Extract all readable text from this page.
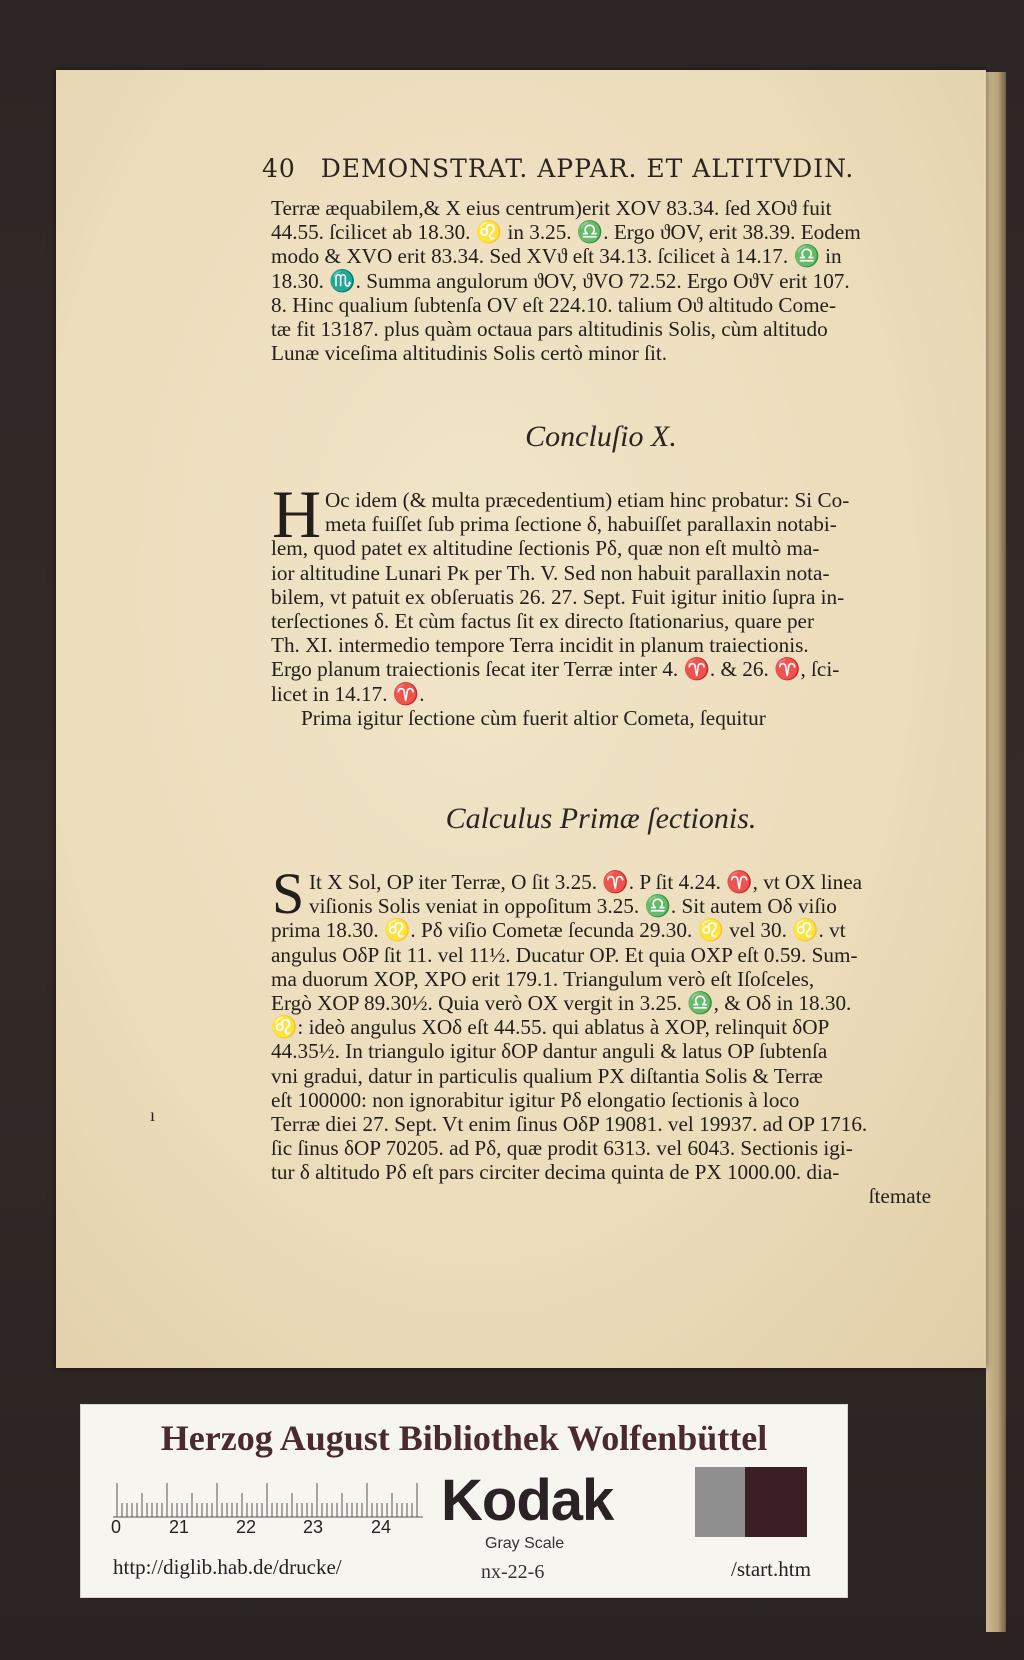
40 DEMONSTRAT. APPAR. ET ALTITVDIN.
Terræ æquabilem,& X eius centrum)erit XOV 83.34. ſed XOϑ fuit
44.55. ſcilicet ab 18.30. ♌ in 3.25. ♎. Ergo ϑOV, erit 38.39. Eodem
modo & XVO erit 83.34. Sed XVϑ eſt 34.13. ſcilicet à 14.17. ♎ in
18.30. ♏. Summa angulorum ϑOV, ϑVO 72.52. Ergo OϑV erit 107.
8. Hinc qualium ſubtenſa OV eſt 224.10. talium Oϑ altitudo Come-
tæ fit 13187. plus quàm octaua pars altitudinis Solis, cùm altitudo
Lunæ viceſima altitudinis Solis certò minor ſit.
Concluſio X.
H Oc idem (& multa præcedentium) etiam hinc probatur: Si Co-
meta fuiſſet ſub prima ſectione δ, habuiſſet parallaxin notabi-
lem, quod patet ex altitudine ſectionis Pδ, quæ non eſt multò ma-
ior altitudine Lunari Pκ per Th. V. Sed non habuit parallaxin nota-
bilem, vt patuit ex obſeruatis 26. 27. Sept. Fuit igitur initio ſupra in-
terſectiones δ. Et cùm factus ſit ex directo ſtationarius, quare per
Th. XI. intermedio tempore Terra incidit in planum traiectionis.
Ergo planum traiectionis ſecat iter Terræ inter 4. ♈. & 26. ♈, ſci-
licet in 14.17. ♈.
Prima igitur ſectione cùm fuerit altior Cometa, ſequitur
Calculus Primæ ſectionis.
S It X Sol, OP iter Terræ, O ſit 3.25. ♈. P ſit 4.24. ♈, vt OX linea
viſionis Solis veniat in oppoſitum 3.25. ♎. Sit autem Oδ viſio
prima 18.30. ♌. Pδ viſio Cometæ ſecunda 29.30. ♌ vel 30. ♌. vt
angulus OδP ſit 11. vel 11½. Ducatur OP. Et quia OXP eſt 0.59. Sum-
ma duorum XOP, XPO erit 179.1. Triangulum verò eſt Iſoſceles,
Ergò XOP 89.30½. Quia verò OX vergit in 3.25. ♎, & Oδ in 18.30.
♌: ideò angulus XOδ eſt 44.55. qui ablatus à XOP, relinquit δOP
44.35½. In triangulo igitur δOP dantur anguli & latus OP ſubtenſa
vni gradui, datur in particulis qualium PX diſtantia Solis & Terræ
eſt 100000: non ignorabitur igitur Pδ elongatio ſectionis à loco
Terræ diei 27. Sept. Vt enim ſinus OδP 19081. vel 19937. ad OP 1716.
ſic ſinus δOP 70205. ad Pδ, quæ prodit 6313. vel 6043. Sectionis igi-
tur δ altitudo Pδ eſt pars circiter decima quinta de PX 1000.00. dia-
ſtemate
ı
Herzog August Bibliothek Wolfenbüttel
0	21	22	23	24 Kodak
Gray Scale
http://diglib.hab.de/drucke/	nx-22-6	/start.htm
